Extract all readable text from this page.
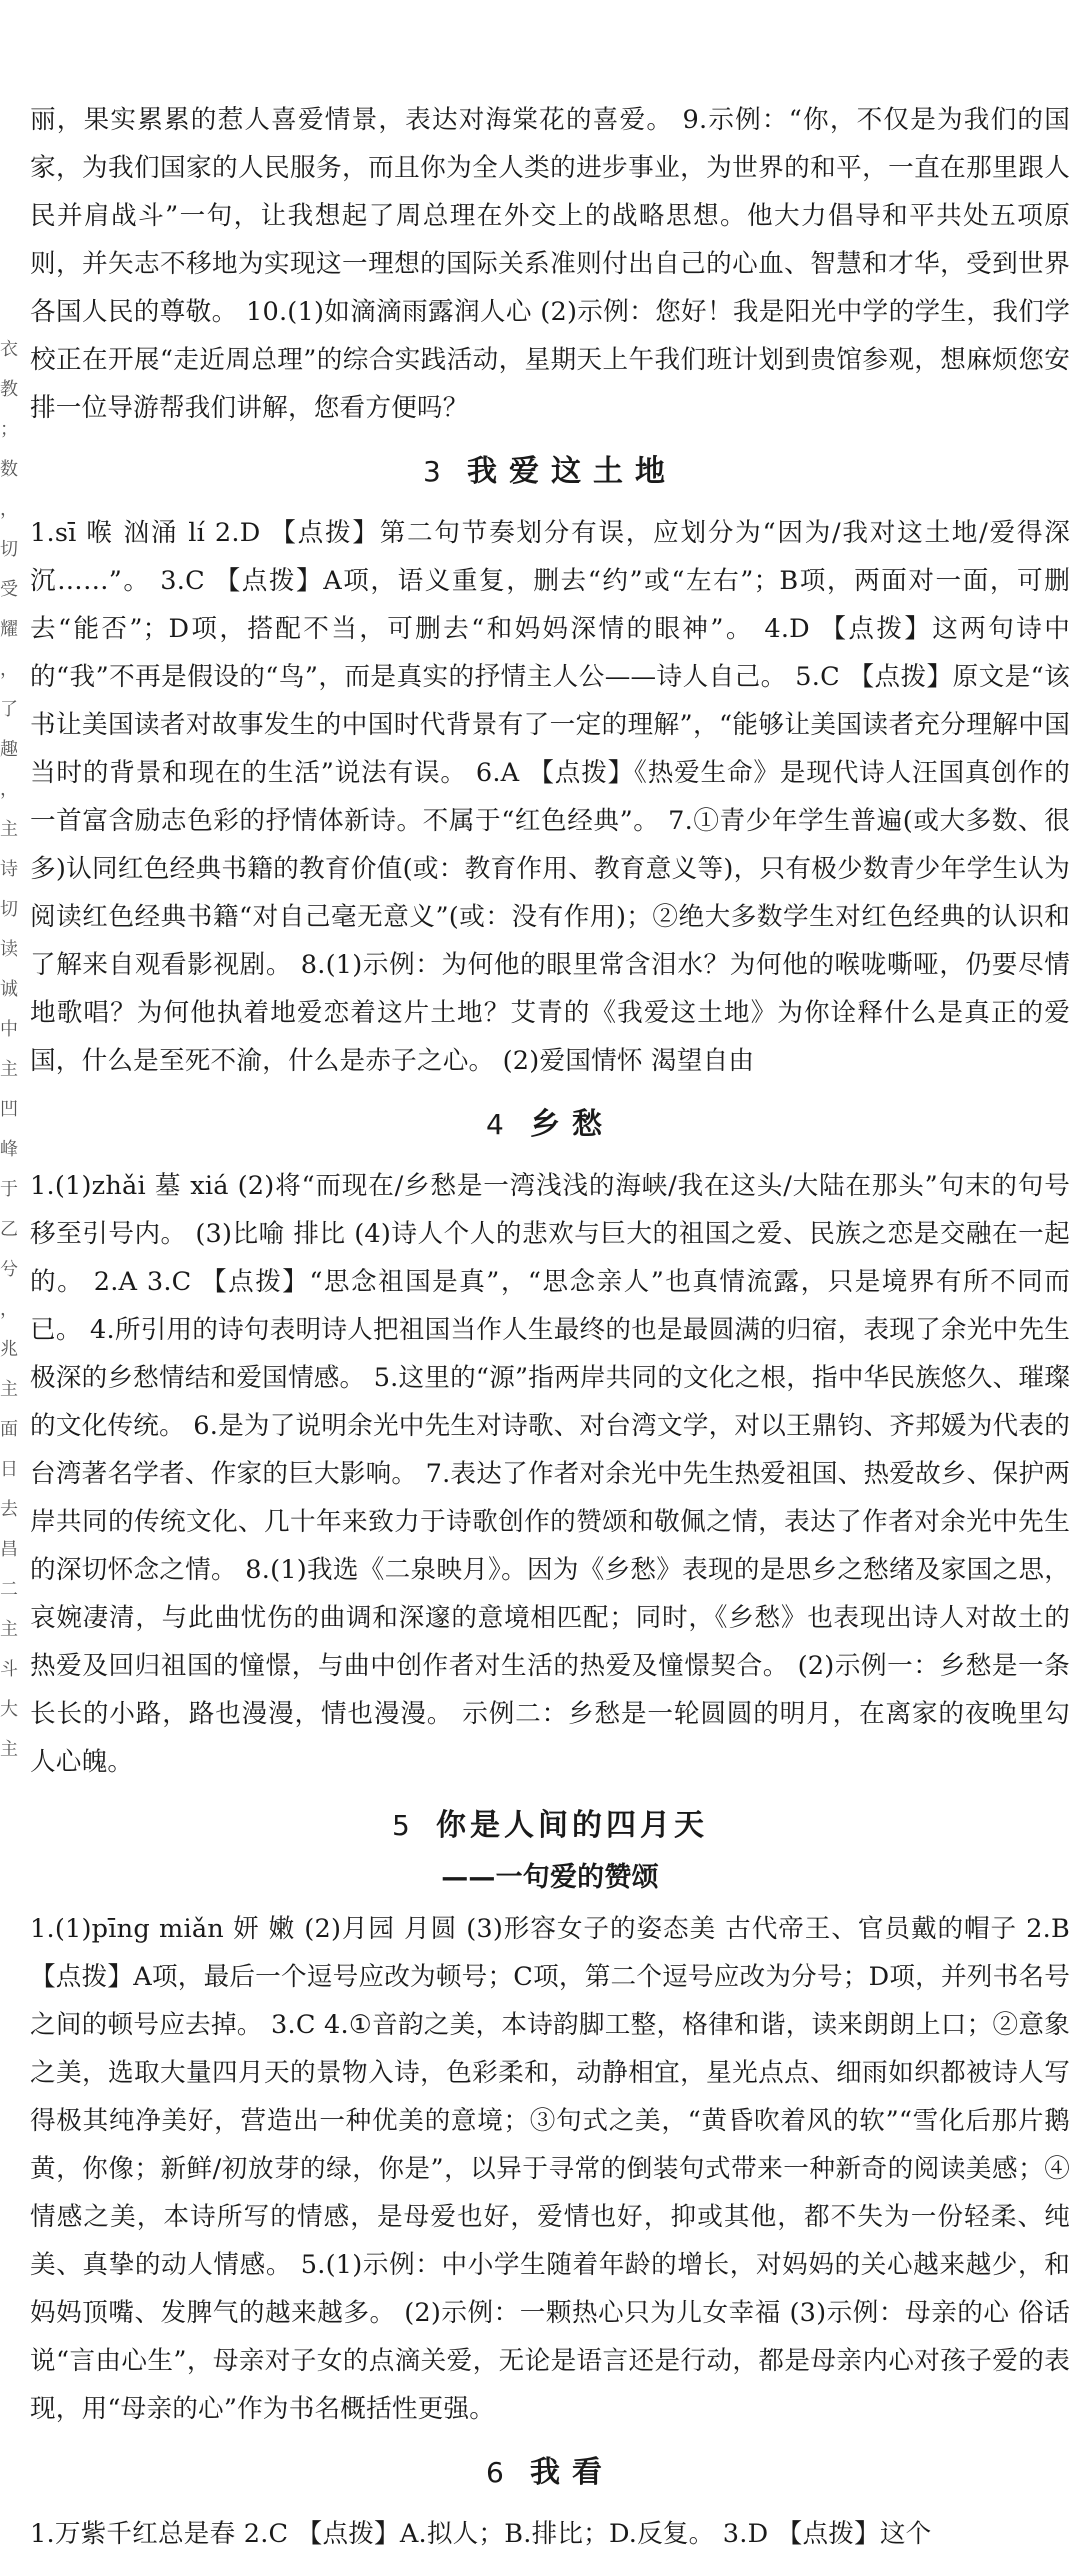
衣 教 ； 数 ， 切 受 耀 ， 了 趣 ， 主 诗 切 读 诚 中 主 凹 峰 于 乙 兮 ， 兆 主 面 日 去 昌 二 主 斗 大 主

丽，果实累累的惹人喜爱情景，表达对海棠花的喜爱。 9.示例：“你，不仅是为我们的国家，为我们国家的人民服务，而且你为全人类的进步事业，为世界的和平，一直在那里跟人民并肩战斗”一句，让我想起了周总理在外交上的战略思想。他大力倡导和平共处五项原则，并矢志不移地为实现这一理想的国际关系准则付出自己的心血、智慧和才华，受到世界各国人民的尊敬。 10.(1)如滴滴雨露润人心 (2)示例：您好！我是阳光中学的学生，我们学校正在开展“走近周总理”的综合实践活动，星期天上午我们班计划到贵馆参观，想麻烦您安排一位导游帮我们讲解，您看方便吗？

3 我爱这土地

1.sī 喉 汹涌 lí 2.D 【点拨】第二句节奏划分有误，应划分为“因为/我对这土地/爱得深沉……”。 3.C 【点拨】A项，语义重复，删去“约”或“左右”；B项，两面对一面，可删去“能否”；D项，搭配不当，可删去“和妈妈深情的眼神”。 4.D 【点拨】这两句诗中的“我”不再是假设的“鸟”，而是真实的抒情主人公——诗人自己。 5.C 【点拨】原文是“该书让美国读者对故事发生的中国时代背景有了一定的理解”，“能够让美国读者充分理解中国当时的背景和现在的生活”说法有误。 6.A 【点拨】《热爱生命》是现代诗人汪国真创作的一首富含励志色彩的抒情体新诗。不属于“红色经典”。 7.①青少年学生普遍(或大多数、很多)认同红色经典书籍的教育价值(或：教育作用、教育意义等)，只有极少数青少年学生认为阅读红色经典书籍“对自己毫无意义”(或：没有作用)；②绝大多数学生对红色经典的认识和了解来自观看影视剧。 8.(1)示例：为何他的眼里常含泪水？为何他的喉咙嘶哑，仍要尽情地歌唱？为何他执着地爱恋着这片土地？艾青的《我爱这土地》为你诠释什么是真正的爱国，什么是至死不渝，什么是赤子之心。 (2)爱国情怀 渴望自由

4 乡愁

1.(1)zhǎi 墓 xiá (2)将“而现在/乡愁是一湾浅浅的海峡/我在这头/大陆在那头”句末的句号移至引号内。 (3)比喻 排比 (4)诗人个人的悲欢与巨大的祖国之爱、民族之恋是交融在一起的。 2.A 3.C 【点拨】“思念祖国是真”，“思念亲人”也真情流露，只是境界有所不同而已。 4.所引用的诗句表明诗人把祖国当作人生最终的也是最圆满的归宿，表现了余光中先生极深的乡愁情结和爱国情感。 5.这里的“源”指两岸共同的文化之根，指中华民族悠久、璀璨的文化传统。 6.是为了说明余光中先生对诗歌、对台湾文学，对以王鼎钧、齐邦媛为代表的台湾著名学者、作家的巨大影响。 7.表达了作者对余光中先生热爱祖国、热爱故乡、保护两岸共同的传统文化、几十年来致力于诗歌创作的赞颂和敬佩之情，表达了作者对余光中先生的深切怀念之情。 8.(1)我选《二泉映月》。因为《乡愁》表现的是思乡之愁绪及家国之思，哀婉凄清，与此曲忧伤的曲调和深邃的意境相匹配；同时，《乡愁》也表现出诗人对故土的热爱及回归祖国的憧憬，与曲中创作者对生活的热爱及憧憬契合。 (2)示例一：乡愁是一条长长的小路，路也漫漫，情也漫漫。 示例二：乡愁是一轮圆圆的明月，在离家的夜晚里勾人心魄。

5 你是人间的四月天
——一句爱的赞颂

1.(1)pīng miǎn 妍 嫩 (2)月园 月圆 (3)形容女子的姿态美 古代帝王、官员戴的帽子 2.B 【点拨】A项，最后一个逗号应改为顿号；C项，第二个逗号应改为分号；D项，并列书名号之间的顿号应去掉。 3.C 4.①音韵之美，本诗韵脚工整，格律和谐，读来朗朗上口；②意象之美，选取大量四月天的景物入诗，色彩柔和，动静相宜，星光点点、细雨如织都被诗人写得极其纯净美好，营造出一种优美的意境；③句式之美，“黄昏吹着风的软”“雪化后那片鹅黄，你像；新鲜/初放芽的绿，你是”，以异于寻常的倒装句式带来一种新奇的阅读美感；④情感之美，本诗所写的情感，是母爱也好，爱情也好，抑或其他，都不失为一份轻柔、纯美、真挚的动人情感。 5.(1)示例：中小学生随着年龄的增长，对妈妈的关心越来越少，和妈妈顶嘴、发脾气的越来越多。 (2)示例：一颗热心只为儿女幸福 (3)示例：母亲的心 俗话说“言由心生”，母亲对子女的点滴关爱，无论是语言还是行动，都是母亲内心对孩子爱的表现，用“母亲的心”作为书名概括性更强。

6 我看

1.万紫千红总是春 2.C 【点拨】A.拟人；B.排比；D.反复。 3.D 【点拨】这个
